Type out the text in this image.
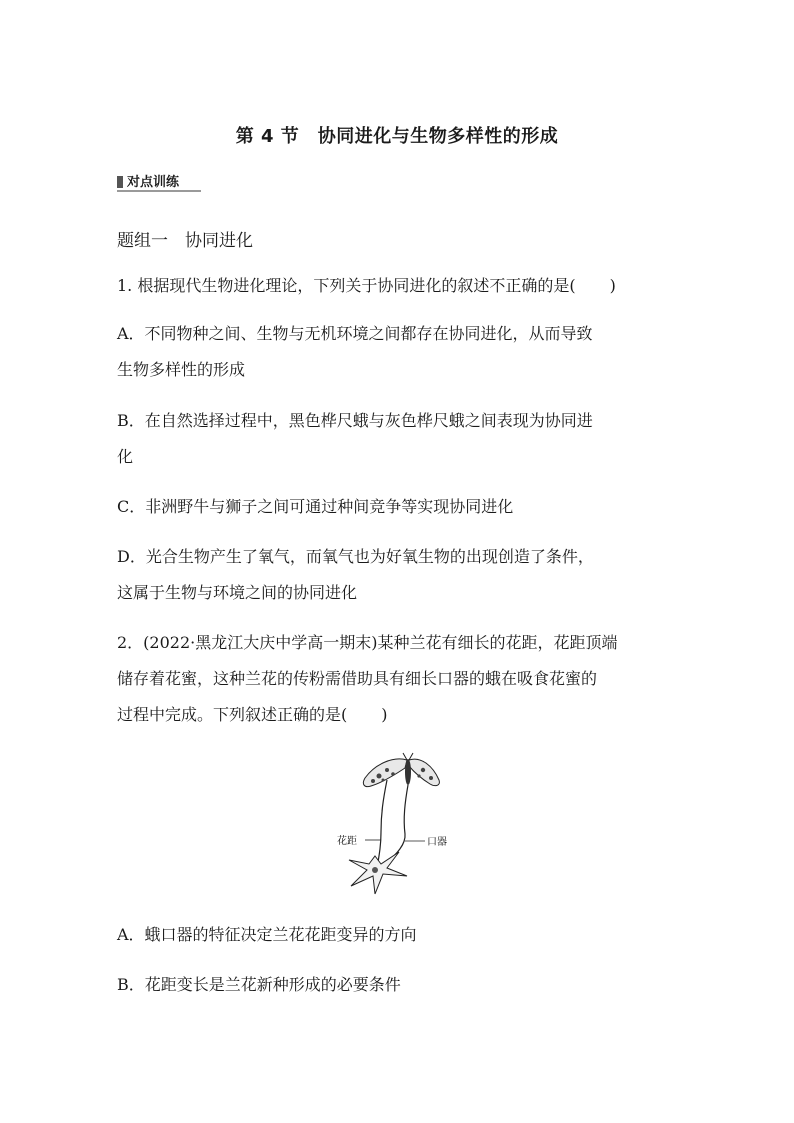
第 4 节　协同进化与生物多样性的形成
对点训练
题组一　协同进化
1. 根据现代生物进化理论，下列关于协同进化的叙述不正确的是( )
A．不同物种之间、生物与无机环境之间都存在协同进化，从而导致
生物多样性的形成
B．在自然选择过程中，黑色桦尺蛾与灰色桦尺蛾之间表现为协同进
化
C．非洲野牛与狮子之间可通过种间竞争等实现协同进化
D．光合生物产生了氧气，而氧气也为好氧生物的出现创造了条件，
这属于生物与环境之间的协同进化
2．(2022·黑龙江大庆中学高一期末)某种兰花有细长的花距，花距顶端
储存着花蜜，这种兰花的传粉需借助具有细长口器的蛾在吸食花蜜的
过程中完成。下列叙述正确的是( )
花距	口器
A．蛾口器的特征决定兰花花距变异的方向
B．花距变长是兰花新种形成的必要条件
